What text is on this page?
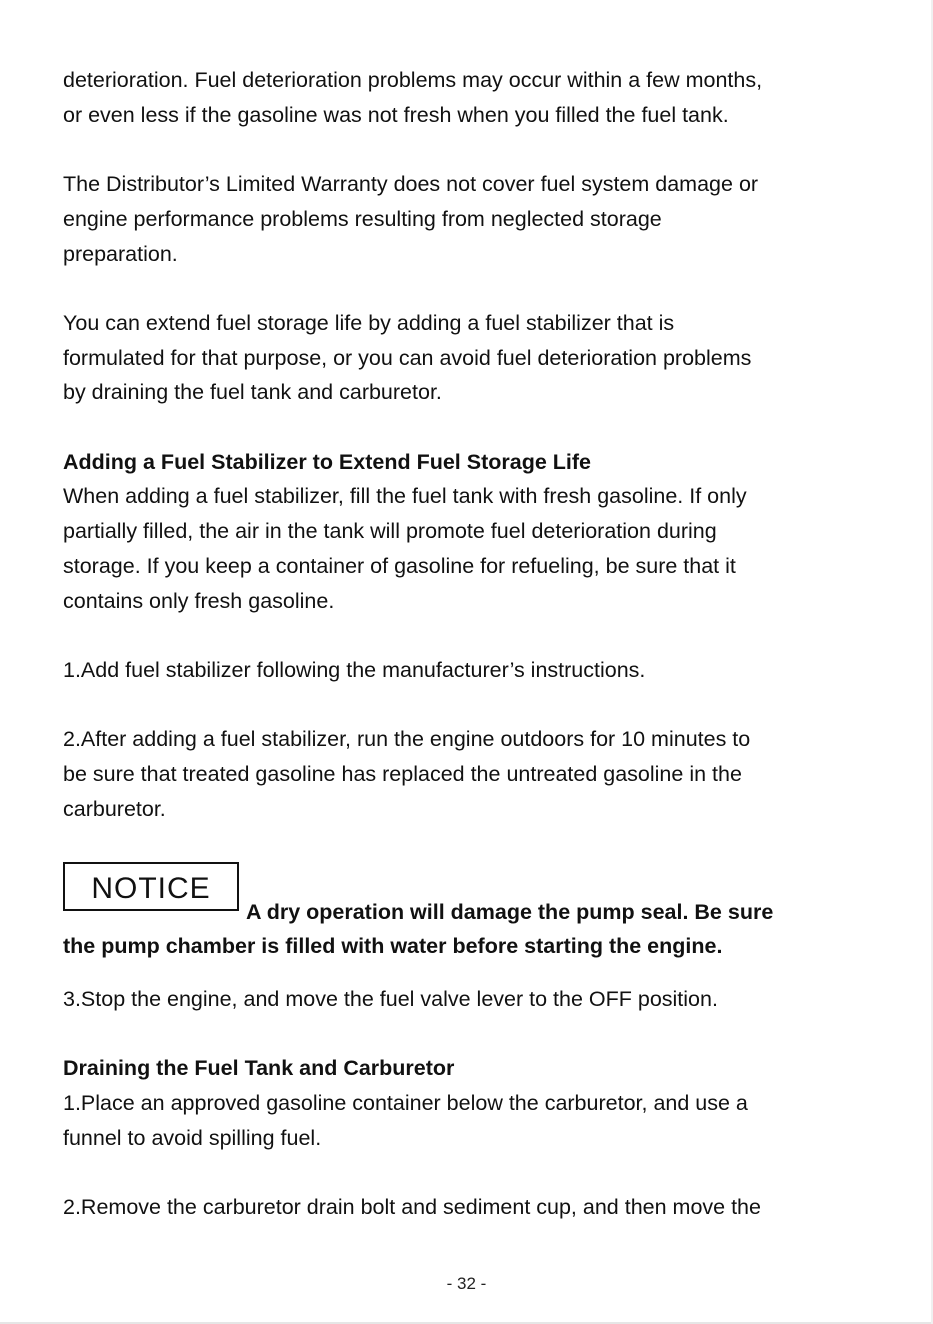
deterioration. Fuel deterioration problems may occur within a few months,
or even less if the gasoline was not fresh when you filled the fuel tank.

The Distributor’s Limited Warranty does not cover fuel system damage or
engine performance problems resulting from neglected storage
preparation.

You can extend fuel storage life by adding a fuel stabilizer that is
formulated for that purpose, or you can avoid fuel deterioration problems
by draining the fuel tank and carburetor.

Adding a Fuel Stabilizer to Extend Fuel Storage Life
When adding a fuel stabilizer, fill the fuel tank with fresh gasoline. If only
partially filled, the air in the tank will promote fuel deterioration during
storage. If you keep a container of gasoline for refueling, be sure that it
contains only fresh gasoline.

1.Add fuel stabilizer following the manufacturer’s instructions.

2.After adding a fuel stabilizer, run the engine outdoors for 10 minutes to
be sure that treated gasoline has replaced the untreated gasoline in the
carburetor.

NOTICE
A dry operation will damage the pump seal. Be sure
the pump chamber is filled with water before starting the engine.

3.Stop the engine, and move the fuel valve lever to the OFF position.

Draining the Fuel Tank and Carburetor
1.Place an approved gasoline container below the carburetor, and use a
funnel to avoid spilling fuel.

2.Remove the carburetor drain bolt and sediment cup, and then move the

- 32 -
